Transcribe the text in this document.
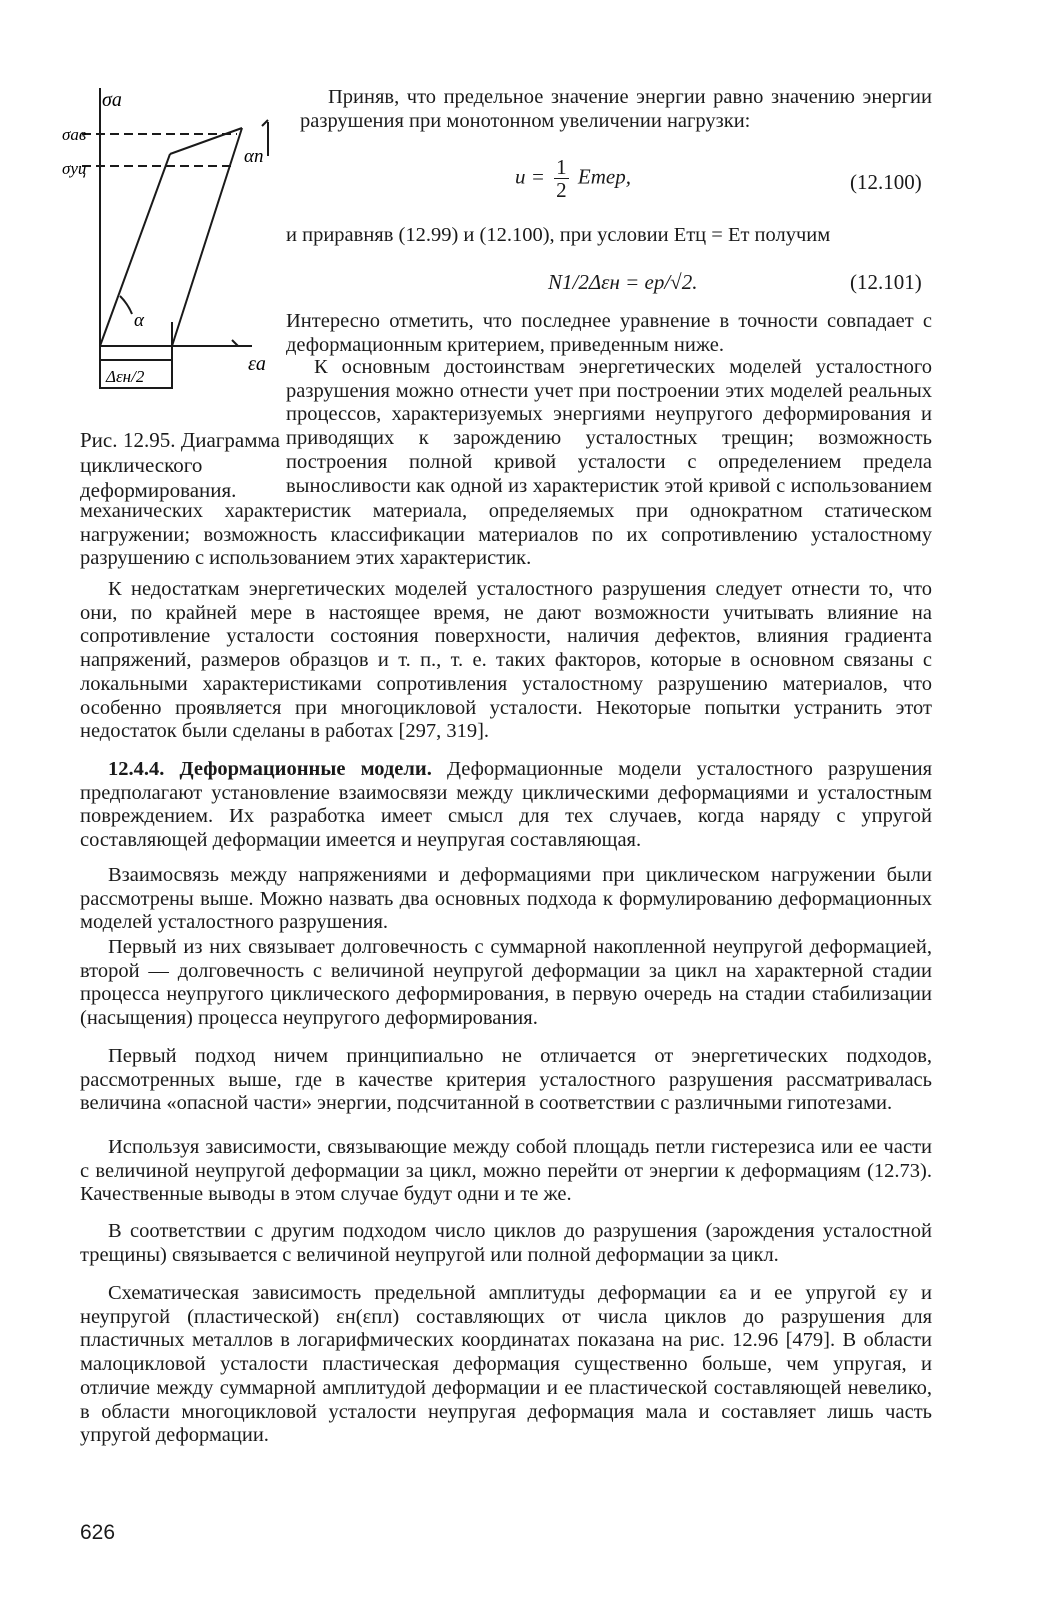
σa
σaв
σyц
αn
α
Δεн/2
εa
Рис. 12.95. Диаграмма циклического деформирования.

Приняв, что предельное значение энергии равно значению энергии разрушения при монотонном увеличении нагрузки:

$u = \frac{1}{2}$ Eтeр,	(12.100)

и приравняв (12.99) и (12.100), при условии Eтц = Eт получим

N1/2Δεн = eр/√2.	(12.101)

Интересно отметить, что последнее уравнение в точности совпадает с деформационным критерием, приведенным ниже.

К основным достоинствам энергетических моделей усталостного разрушения можно отнести учет при построении этих моделей реальных процессов, характеризуемых энергиями неупругого деформирования и приводящих к зарождению усталостных трещин; возможность построения полной кривой усталости с определением предела выносливости как одной из характеристик этой кривой с использованием

К недостаткам энергетических моделей усталостного разрушения следует отнести то, что они, по крайней мере в настоящее время, не дают возможности учитывать влияние на сопротивление усталости состояния поверхности, наличия дефектов, влияния градиента напряжений, размеров образцов и т. п., т. е. таких факторов, которые в основном связаны с локальными характеристиками сопротивления усталостному разрушению материалов, что особенно проявляется при многоцикловой усталости. Некоторые попытки устранить этот недостаток были сделаны в работах [297, 319].

12.4.4. Деформационные модели. Деформационные модели усталостного разрушения предполагают установление взаимосвязи между циклическими деформациями и усталостным повреждением. Их разработка имеет смысл для тех случаев, когда наряду с упругой составляющей деформации имеется и неупругая составляющая.

Взаимосвязь между напряжениями и деформациями при циклическом нагружении были рассмотрены выше. Можно назвать два основных подхода к формулированию деформационных моделей усталостного разрушения.

Первый из них связывает долговечность с суммарной накопленной неупругой деформацией, второй — долговечность с величиной неупругой деформации за цикл на характерной стадии процесса неупругого циклического деформирования, в первую очередь на стадии стабилизации (насыщения) процесса неупругого деформирования.

Первый подход ничем принципиально не отличается от энергетических подходов, рассмотренных выше, где в качестве критерия усталостного разрушения рассматривалась величина «опасной части» энергии, подсчитанной в соответствии с различными гипотезами.

Используя зависимости, связывающие между собой площадь петли гистерезиса или ее части с величиной неупругой деформации за цикл, можно перейти от энергии к деформациям (12.73). Качественные выводы в этом случае будут одни и те же.

В соответствии с другим подходом число циклов до разрушения (зарождения усталостной трещины) связывается с величиной неупругой или полной деформации за цикл.

Схематическая зависимость предельной амплитуды деформации εa и ее упругой εy и неупругой (пластической) εн(εпл) составляющих от числа циклов до разрушения для пластичных металлов в логарифмических координатах показана на рис. 12.96 [479]. В области малоцикловой усталости пластическая деформация существенно больше, чем упругая, и отличие между суммарной амплитудой деформации и ее пластической составляющей невелико, в области многоцикловой усталости неупругая деформация мала и составляет лишь часть упругой деформации.

626

механических характеристик материала, определяемых при однократном статическом нагружении; возможность классификации материалов по их сопротивлению усталостному разрушению с использованием этих характеристик.
